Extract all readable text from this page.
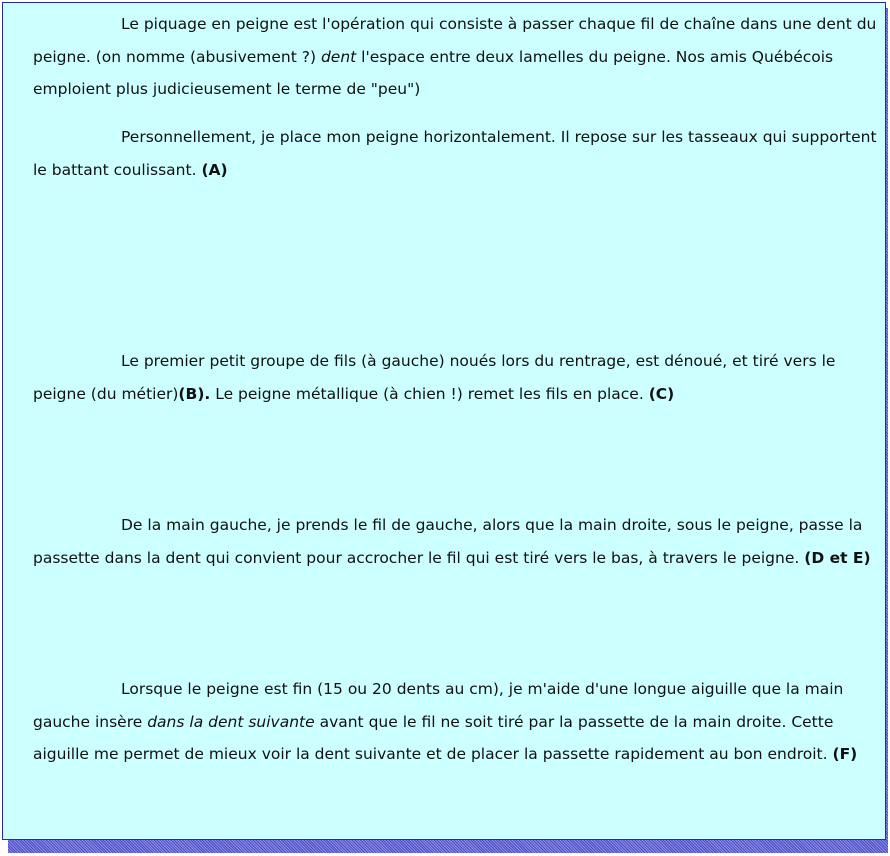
Le piquage en peigne est l'opération qui consiste à passer chaque fil de chaîne dans une dent du peigne. (on nomme (abusivement ?) dent l'espace entre deux lamelles du peigne. Nos amis Québécois emploient plus judicieusement le terme de "peu")

Personnellement, je place mon peigne horizontalement. Il repose sur les tasseaux qui supportent le battant coulissant. (A)

Le premier petit groupe de fils (à gauche) noués lors du rentrage, est dénoué, et tiré vers le peigne (du métier)(B). Le peigne métallique (à chien !) remet les fils en place. (C)

De la main gauche, je prends le fil de gauche, alors que la main droite, sous le peigne, passe la passette dans la dent qui convient pour accrocher le fil qui est tiré vers le bas, à travers le peigne. (D et E)

Lorsque le peigne est fin (15 ou 20 dents au cm), je m'aide d'une longue aiguille que la main gauche insère dans la dent suivante avant que le fil ne soit tiré par la passette de la main droite. Cette aiguille me permet de mieux voir la dent suivante et de placer la passette rapidement au bon endroit. (F)
